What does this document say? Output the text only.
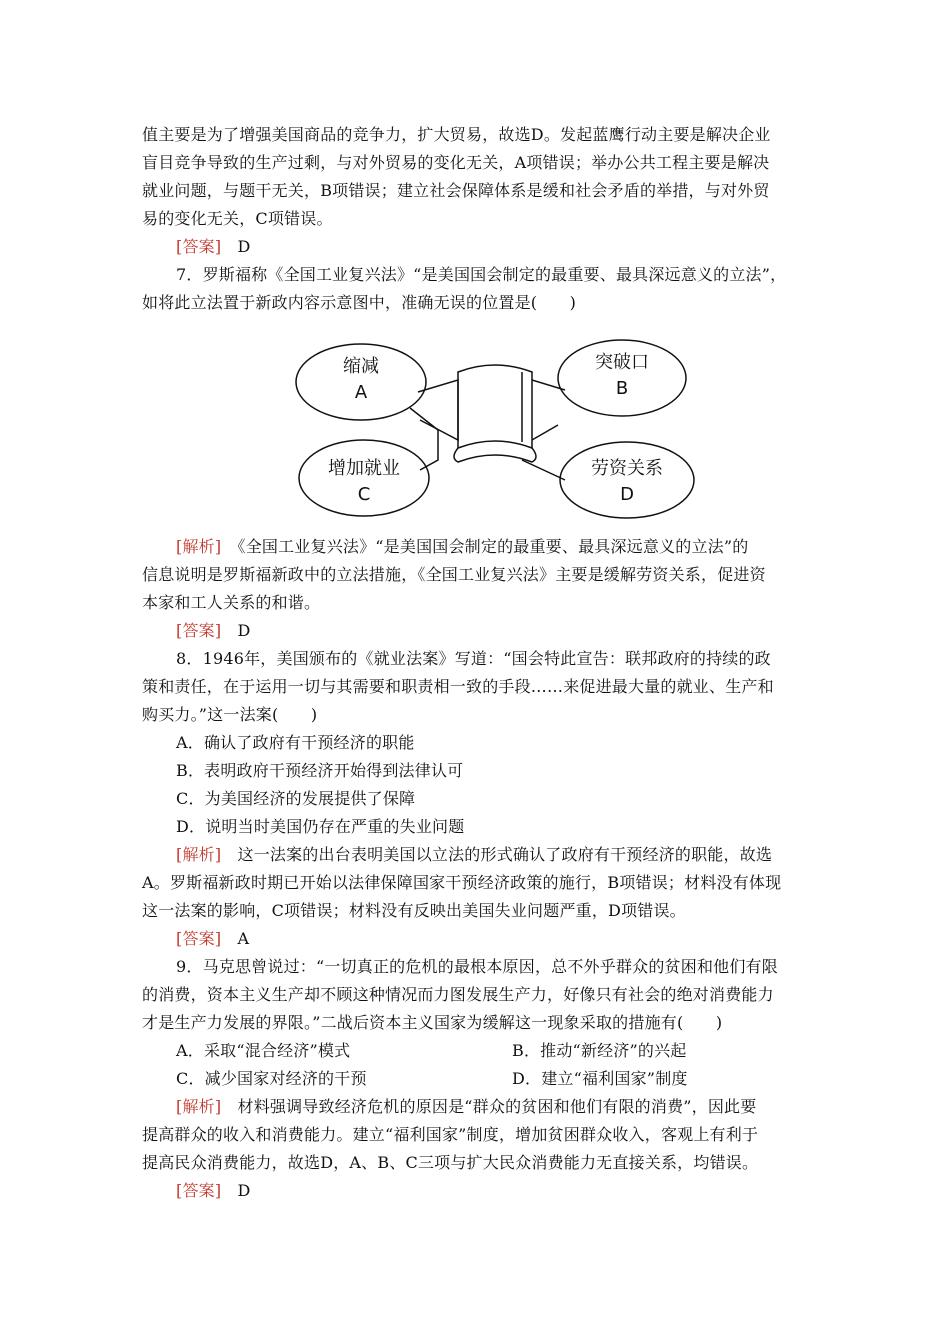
值主要是为了增强美国商品的竞争力，扩大贸易，故选D。发起蓝鹰行动主要是解决企业
盲目竞争导致的生产过剩，与对外贸易的变化无关，A项错误；举办公共工程主要是解决
就业问题，与题干无关，B项错误；建立社会保障体系是缓和社会矛盾的举措，与对外贸
易的变化无关，C项错误。
[答案]　 D
7．罗斯福称《全国工业复兴法》“是美国国会制定的最重要、最具深远意义的立法”，
如将此立法置于新政内容示意图中，准确无误的位置是(　　)
缩减
A
突破口
B
增加就业
C
劳资关系
D
[解析]　 《全国工业复兴法》“是美国国会制定的最重要、最具深远意义的立法”的
信息说明是罗斯福新政中的立法措施，《全国工业复兴法》主要是缓解劳资关系，促进资
本家和工人关系的和谐。
[答案]　 D
8．1946年，美国颁布的《就业法案》写道：“国会特此宣告：联邦政府的持续的政
策和责任，在于运用一切与其需要和职责相一致的手段……来促进最大量的就业、生产和
购买力。”这一法案(　　)
A．确认了政府有干预经济的职能
B．表明政府干预经济开始得到法律认可
C．为美国经济的发展提供了保障
D．说明当时美国仍存在严重的失业问题
[解析]　 这一法案的出台表明美国以立法的形式确认了政府有干预经济的职能，故选
A。罗斯福新政时期已开始以法律保障国家干预经济政策的施行，B项错误；材料没有体现
这一法案的影响，C项错误；材料没有反映出美国失业问题严重，D项错误。
[答案]　 A
9．马克思曾说过：“一切真正的危机的最根本原因，总不外乎群众的贫困和他们有限
的消费，资本主义生产却不顾这种情况而力图发展生产力，好像只有社会的绝对消费能力
才是生产力发展的界限。”二战后资本主义国家为缓解这一现象采取的措施有(　　)
A．采取“混合经济”模式	B．推动“新经济”的兴起
C．减少国家对经济的干预	D．建立“福利国家”制度
[解析]　 材料强调导致经济危机的原因是“群众的贫困和他们有限的消费”，因此要
提高群众的收入和消费能力。建立“福利国家”制度，增加贫困群众收入，客观上有利于
提高民众消费能力，故选D，A、B、C三项与扩大民众消费能力无直接关系，均错误。
[答案]　 D
